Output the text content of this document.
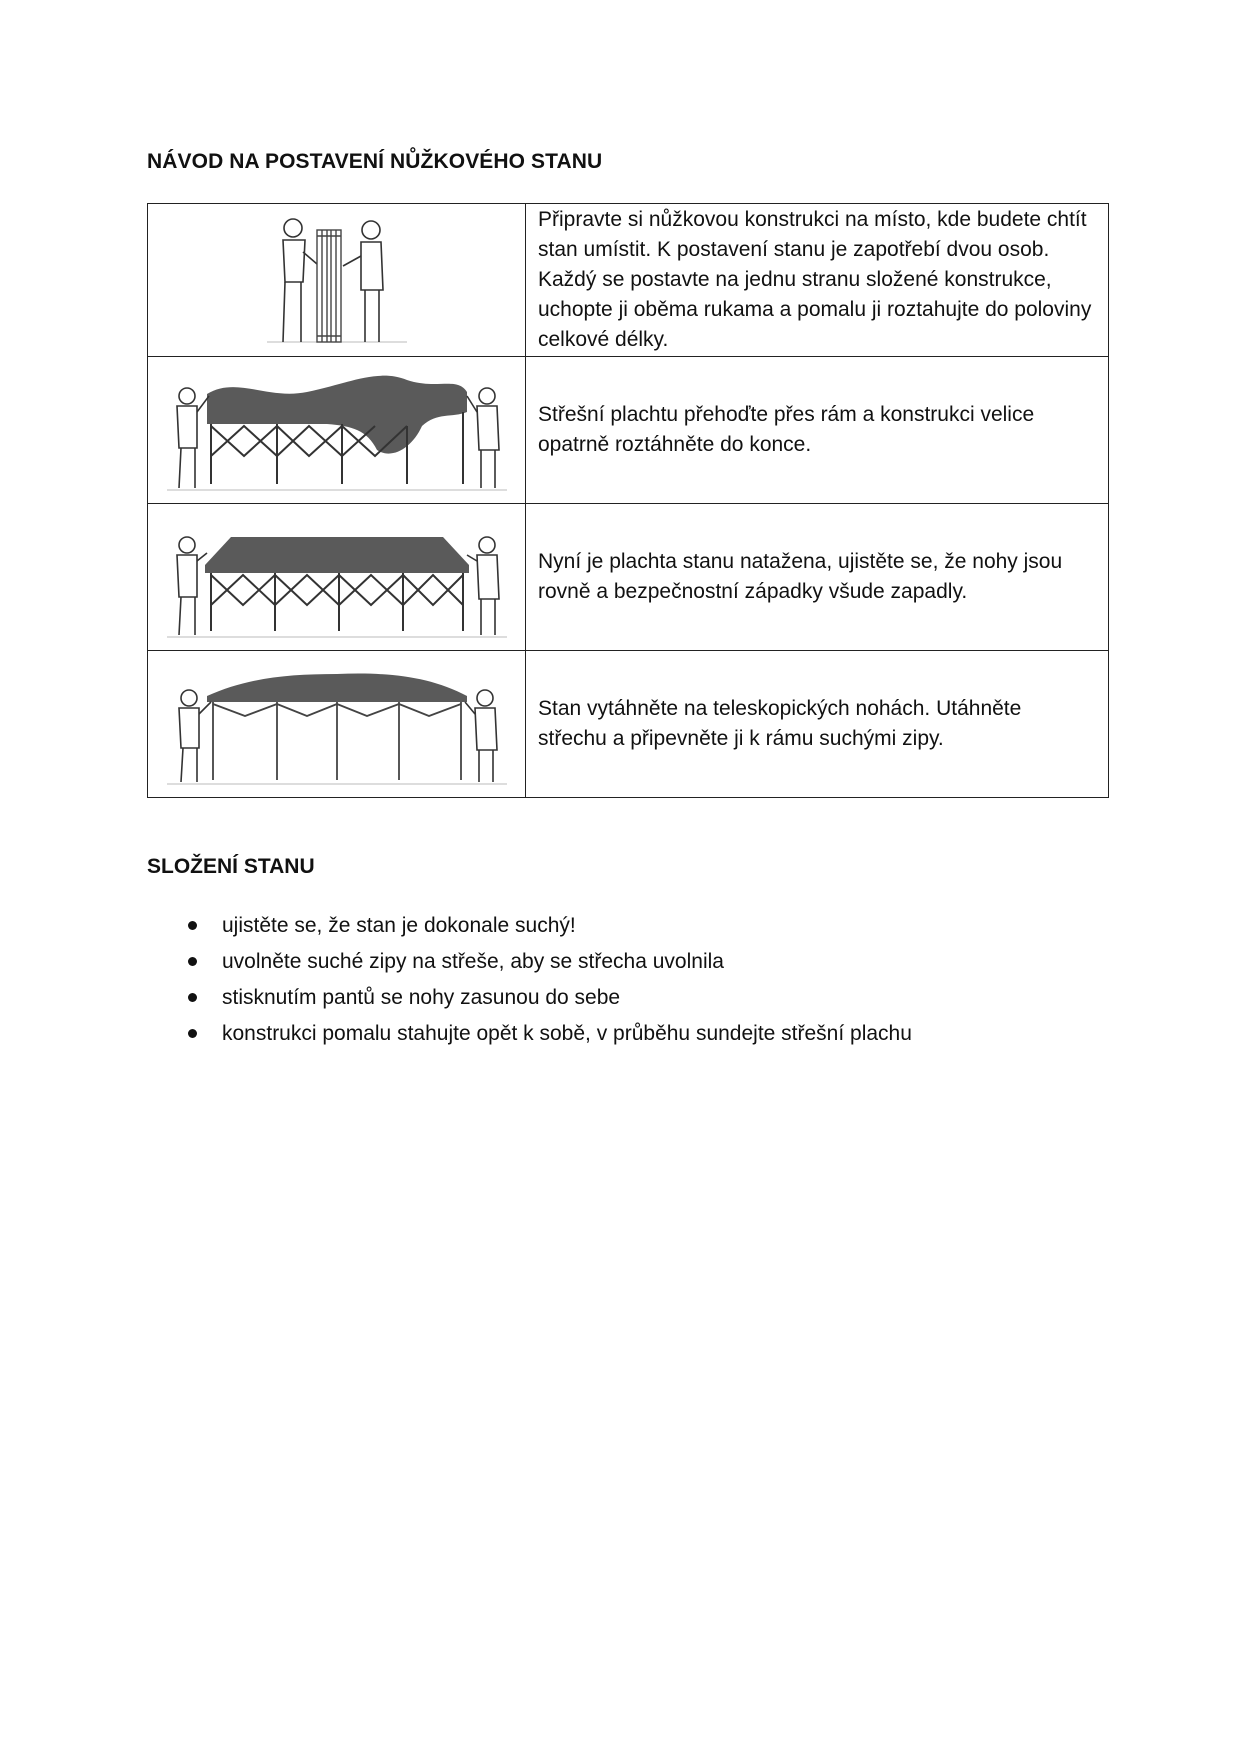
NÁVOD NA POSTAVENÍ NŮŽKOVÉHO STANU
	Připravte si nůžkovou konstrukci na místo, kde budete chtít stan umístit. K postavení stanu je zapotřebí dvou osob. Každý se postavte na jednu stranu složené konstrukce, uchopte ji oběma rukama a pomalu ji roztahujte do poloviny celkové délky.

	Střešní plachtu přehoďte přes rám a konstrukci velice opatrně roztáhněte do konce.

	Nyní je plachta stanu natažena, ujistěte se, že nohy jsou rovně a bezpečnostní západky všude zapadly.

	Stan vytáhněte na teleskopických nohách. Utáhněte střechu a připevněte ji k rámu suchými zipy.
SLOŽENÍ STANU
ujistěte se, že stan je dokonale suchý!
uvolněte suché zipy na střeše, aby se střecha uvolnila
stisknutím pantů se nohy zasunou do sebe
konstrukci pomalu stahujte opět k sobě, v průběhu sundejte střešní plachu
